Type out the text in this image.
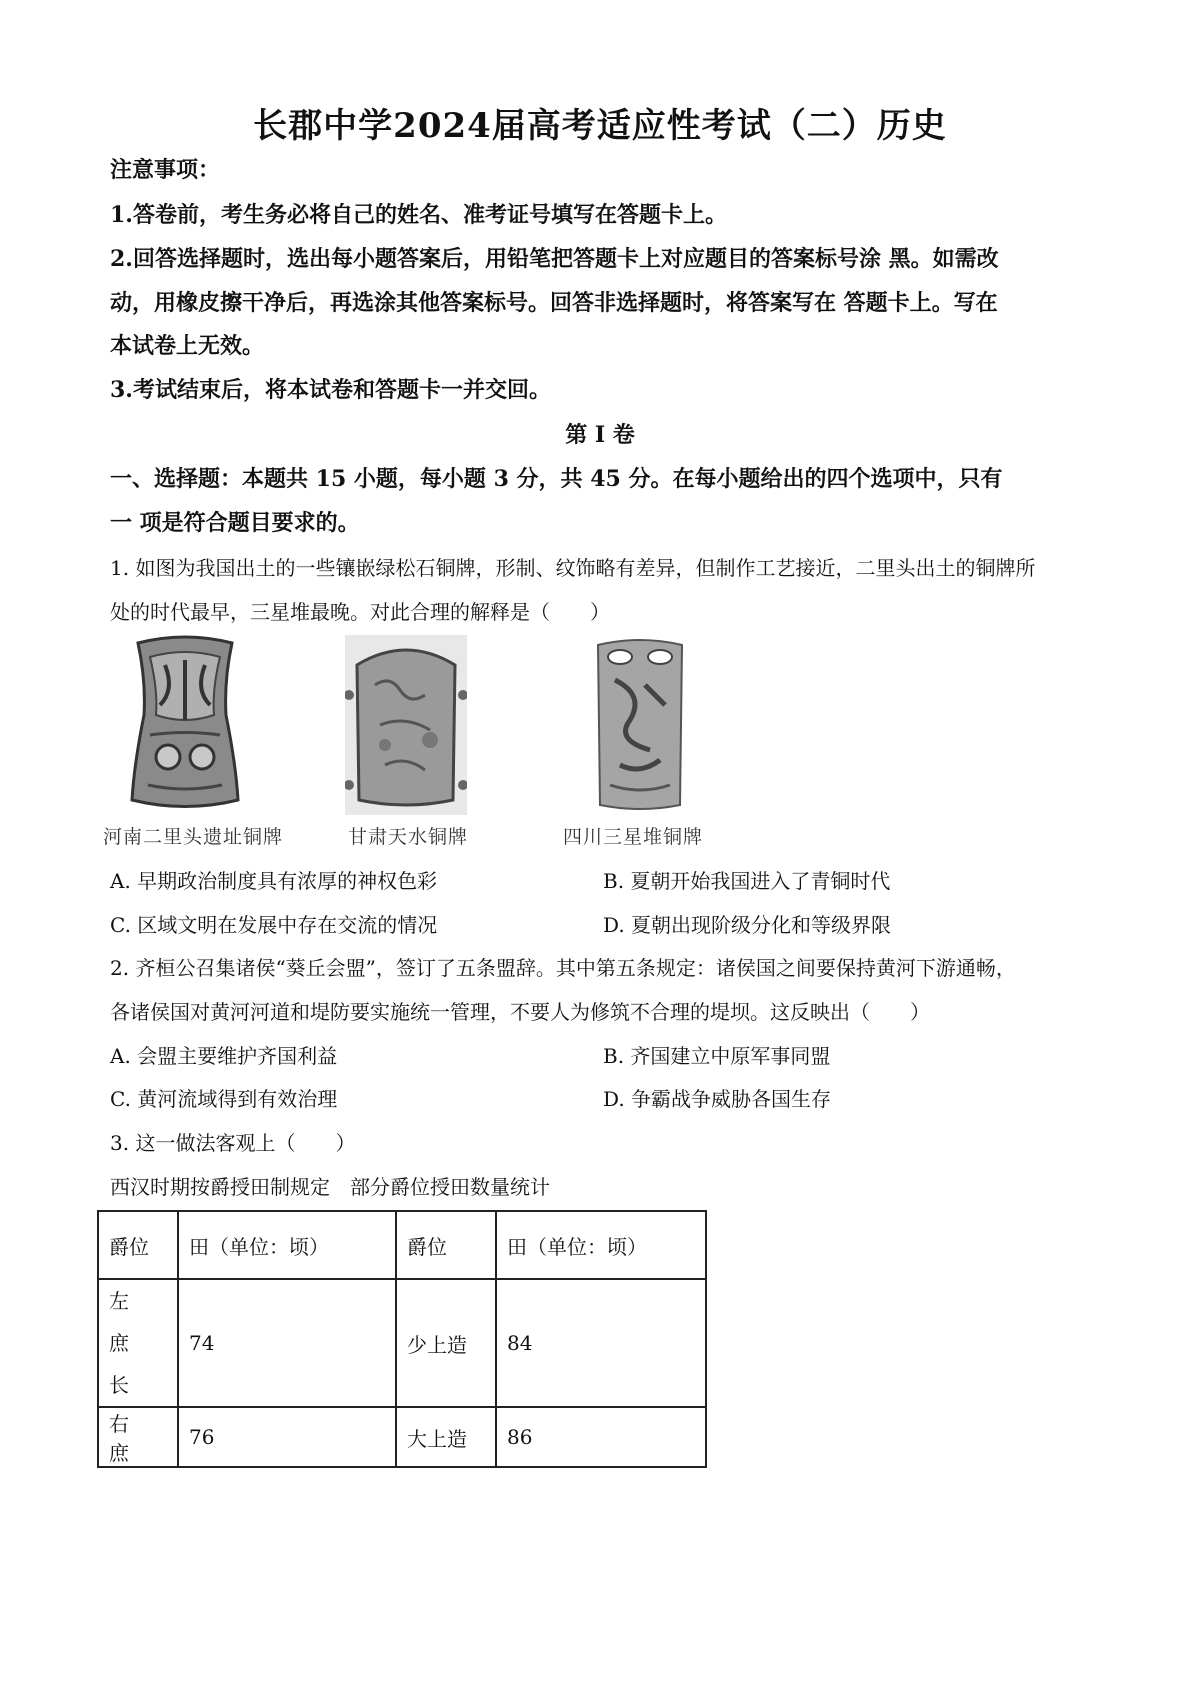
长郡中学2024届高考适应性考试（二）历史
注意事项：
1.答卷前，考生务必将自己的姓名、准考证号填写在答题卡上。
2.回答选择题时，选出每小题答案后，用铅笔把答题卡上对应题目的答案标号涂 黑。如需改
动，用橡皮擦干净后，再选涂其他答案标号。回答非选择题时，将答案写在 答题卡上。写在
本试卷上无效。
3.考试结束后，将本试卷和答题卡一并交回。
第 I 卷
一、选择题：本题共 15 小题，每小题 3 分，共 45 分。在每小题给出的四个选项中，只有
一 项是符合题目要求的。
1. 如图为我国出土的一些镶嵌绿松石铜牌，形制、纹饰略有差异，但制作工艺接近，二里头出土的铜牌所
处的时代最早，三星堆最晚。对此合理的解释是（　　）
河南二里头遗址铜牌	甘肃天水铜牌	四川三星堆铜牌
A. 早期政治制度具有浓厚的神权色彩	B. 夏朝开始我国进入了青铜时代
C. 区域文明在发展中存在交流的情况	D. 夏朝出现阶级分化和等级界限
2. 齐桓公召集诸侯“葵丘会盟”，签订了五条盟辞。其中第五条规定：诸侯国之间要保持黄河下游通畅，
各诸侯国对黄河河道和堤防要实施统一管理，不要人为修筑不合理的堤坝。这反映出（　　）
A. 会盟主要维护齐国利益	B. 齐国建立中原军事同盟
C. 黄河流域得到有效治理	D. 争霸战争威胁各国生存
3. 这一做法客观上（　　）
西汉时期按爵授田制规定　部分爵位授田数量统计
爵位	田（单位：顷）	爵位	田（单位：顷）

左　庶
长	74	少上造	84
右　庶	76	大上造	86
